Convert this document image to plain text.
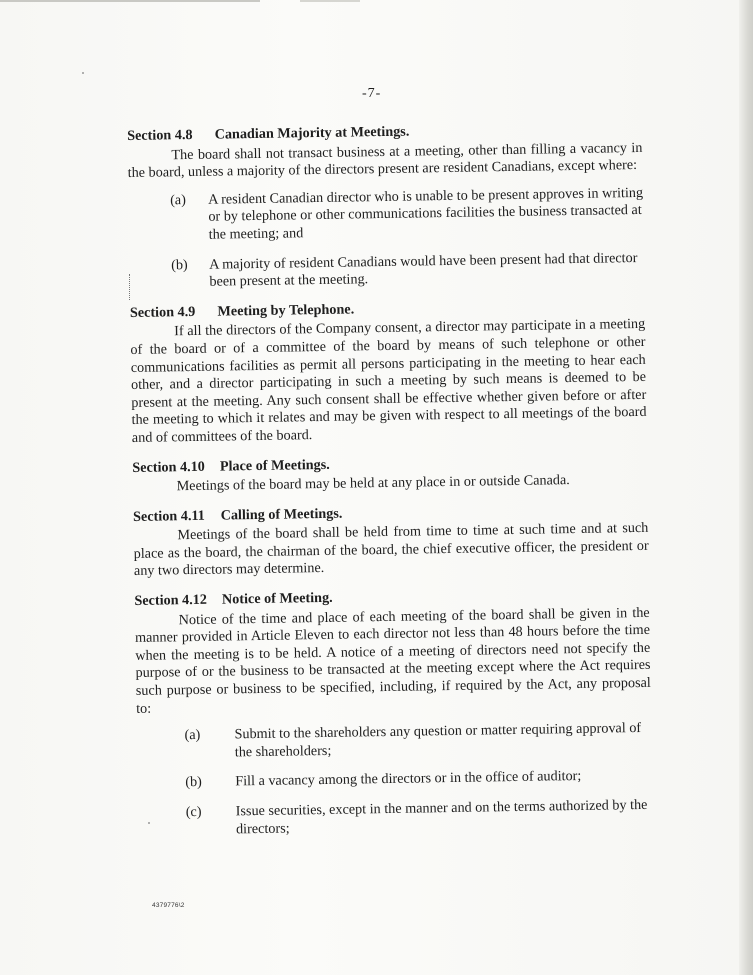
-7-
Section 4.8 Canadian Majority at Meetings.

The board shall not transact business at a meeting, other than filling a vacancy in the board, unless a majority of the directors present are resident Canadians, except where:

(a)	A resident Canadian director who is unable to be present approves in writing or by telephone or other communications facilities the business transacted at the meeting; and
(b)	A majority of resident Canadians would have been present had that director been present at the meeting.
Section 4.9 Meeting by Telephone.

If all the directors of the Company consent, a director may participate in a meeting of the board or of a committee of the board by means of such telephone or other communications facilities as permit all persons participating in the meeting to hear each other, and a director participating in such a meeting by such means is deemed to be present at the meeting. Any such consent shall be effective whether given before or after the meeting to which it relates and may be given with respect to all meetings of the board and of committees of the board.

Section 4.10 Place of Meetings.

Meetings of the board may be held at any place in or outside Canada.

Section 4.11 Calling of Meetings.

Meetings of the board shall be held from time to time at such time and at such place as the board, the chairman of the board, the chief executive officer, the president or any two directors may determine.

Section 4.12 Notice of Meeting.

Notice of the time and place of each meeting of the board shall be given in the manner provided in Article Eleven to each director not less than 48 hours before the time when the meeting is to be held. A notice of a meeting of directors need not specify the purpose of or the business to be transacted at the meeting except where the Act requires such purpose or business to be specified, including, if required by the Act, any proposal to:

(a)	Submit to the shareholders any question or matter requiring approval of the shareholders;
(b)	Fill a vacancy among the directors or in the office of auditor;
(c)	Issue securities, except in the manner and on the terms authorized by the directors;
4379776\2
